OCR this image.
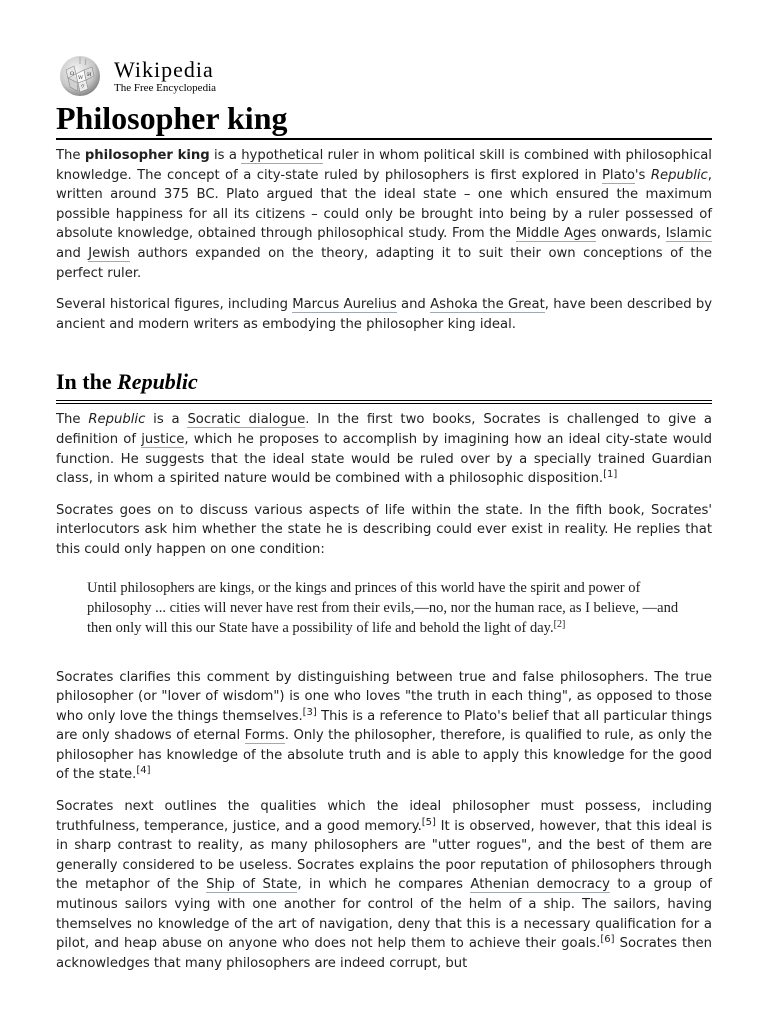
Ω
W И
ウ
Wikipedia
The Free Encyclopedia
Philosopher king

The philosopher king is a hypothetical ruler in whom political skill is combined with philosophical knowledge. The concept of a city-state ruled by philosophers is first explored in Plato's Republic, written around 375 BC. Plato argued that the ideal state – one which ensured the maximum possible happiness for all its citizens – could only be brought into being by a ruler possessed of absolute knowledge, obtained through philosophical study. From the Middle Ages onwards, Islamic and Jewish authors expanded on the theory, adapting it to suit their own conceptions of the perfect ruler.

Several historical figures, including Marcus Aurelius and Ashoka the Great, have been described by ancient and modern writers as embodying the philosopher king ideal.

In the Republic

The Republic is a Socratic dialogue. In the first two books, Socrates is challenged to give a definition of justice, which he proposes to accomplish by imagining how an ideal city-state would function. He suggests that the ideal state would be ruled over by a specially trained Guardian class, in whom a spirited nature would be combined with a philosophic disposition.[1]

Socrates goes on to discuss various aspects of life within the state. In the fifth book, Socrates' interlocutors ask him whether the state he is describing could ever exist in reality. He replies that this could only happen on one condition:

Until philosophers are kings, or the kings and princes of this world have the spirit and power of philosophy ... cities will never have rest from their evils,—no, nor the human race, as I believe, —and then only will this our State have a possibility of life and behold the light of day.[2]

Socrates clarifies this comment by distinguishing between true and false philosophers. The true philosopher (or "lover of wisdom") is one who loves "the truth in each thing", as opposed to those who only love the things themselves.[3] This is a reference to Plato's belief that all particular things are only shadows of eternal Forms. Only the philosopher, therefore, is qualified to rule, as only the philosopher has knowledge of the absolute truth and is able to apply this knowledge for the good of the state.[4]

Socrates next outlines the qualities which the ideal philosopher must possess, including truthfulness, temperance, justice, and a good memory.[5] It is observed, however, that this ideal is in sharp contrast to reality, as many philosophers are "utter rogues", and the best of them are generally considered to be useless. Socrates explains the poor reputation of philosophers through the metaphor of the Ship of State, in which he compares Athenian democracy to a group of mutinous sailors vying with one another for control of the helm of a ship. The sailors, having themselves no knowledge of the art of navigation, deny that this is a necessary qualification for a pilot, and heap abuse on anyone who does not help them to achieve their goals.[6] Socrates then acknowledges that many philosophers are indeed corrupt, but
